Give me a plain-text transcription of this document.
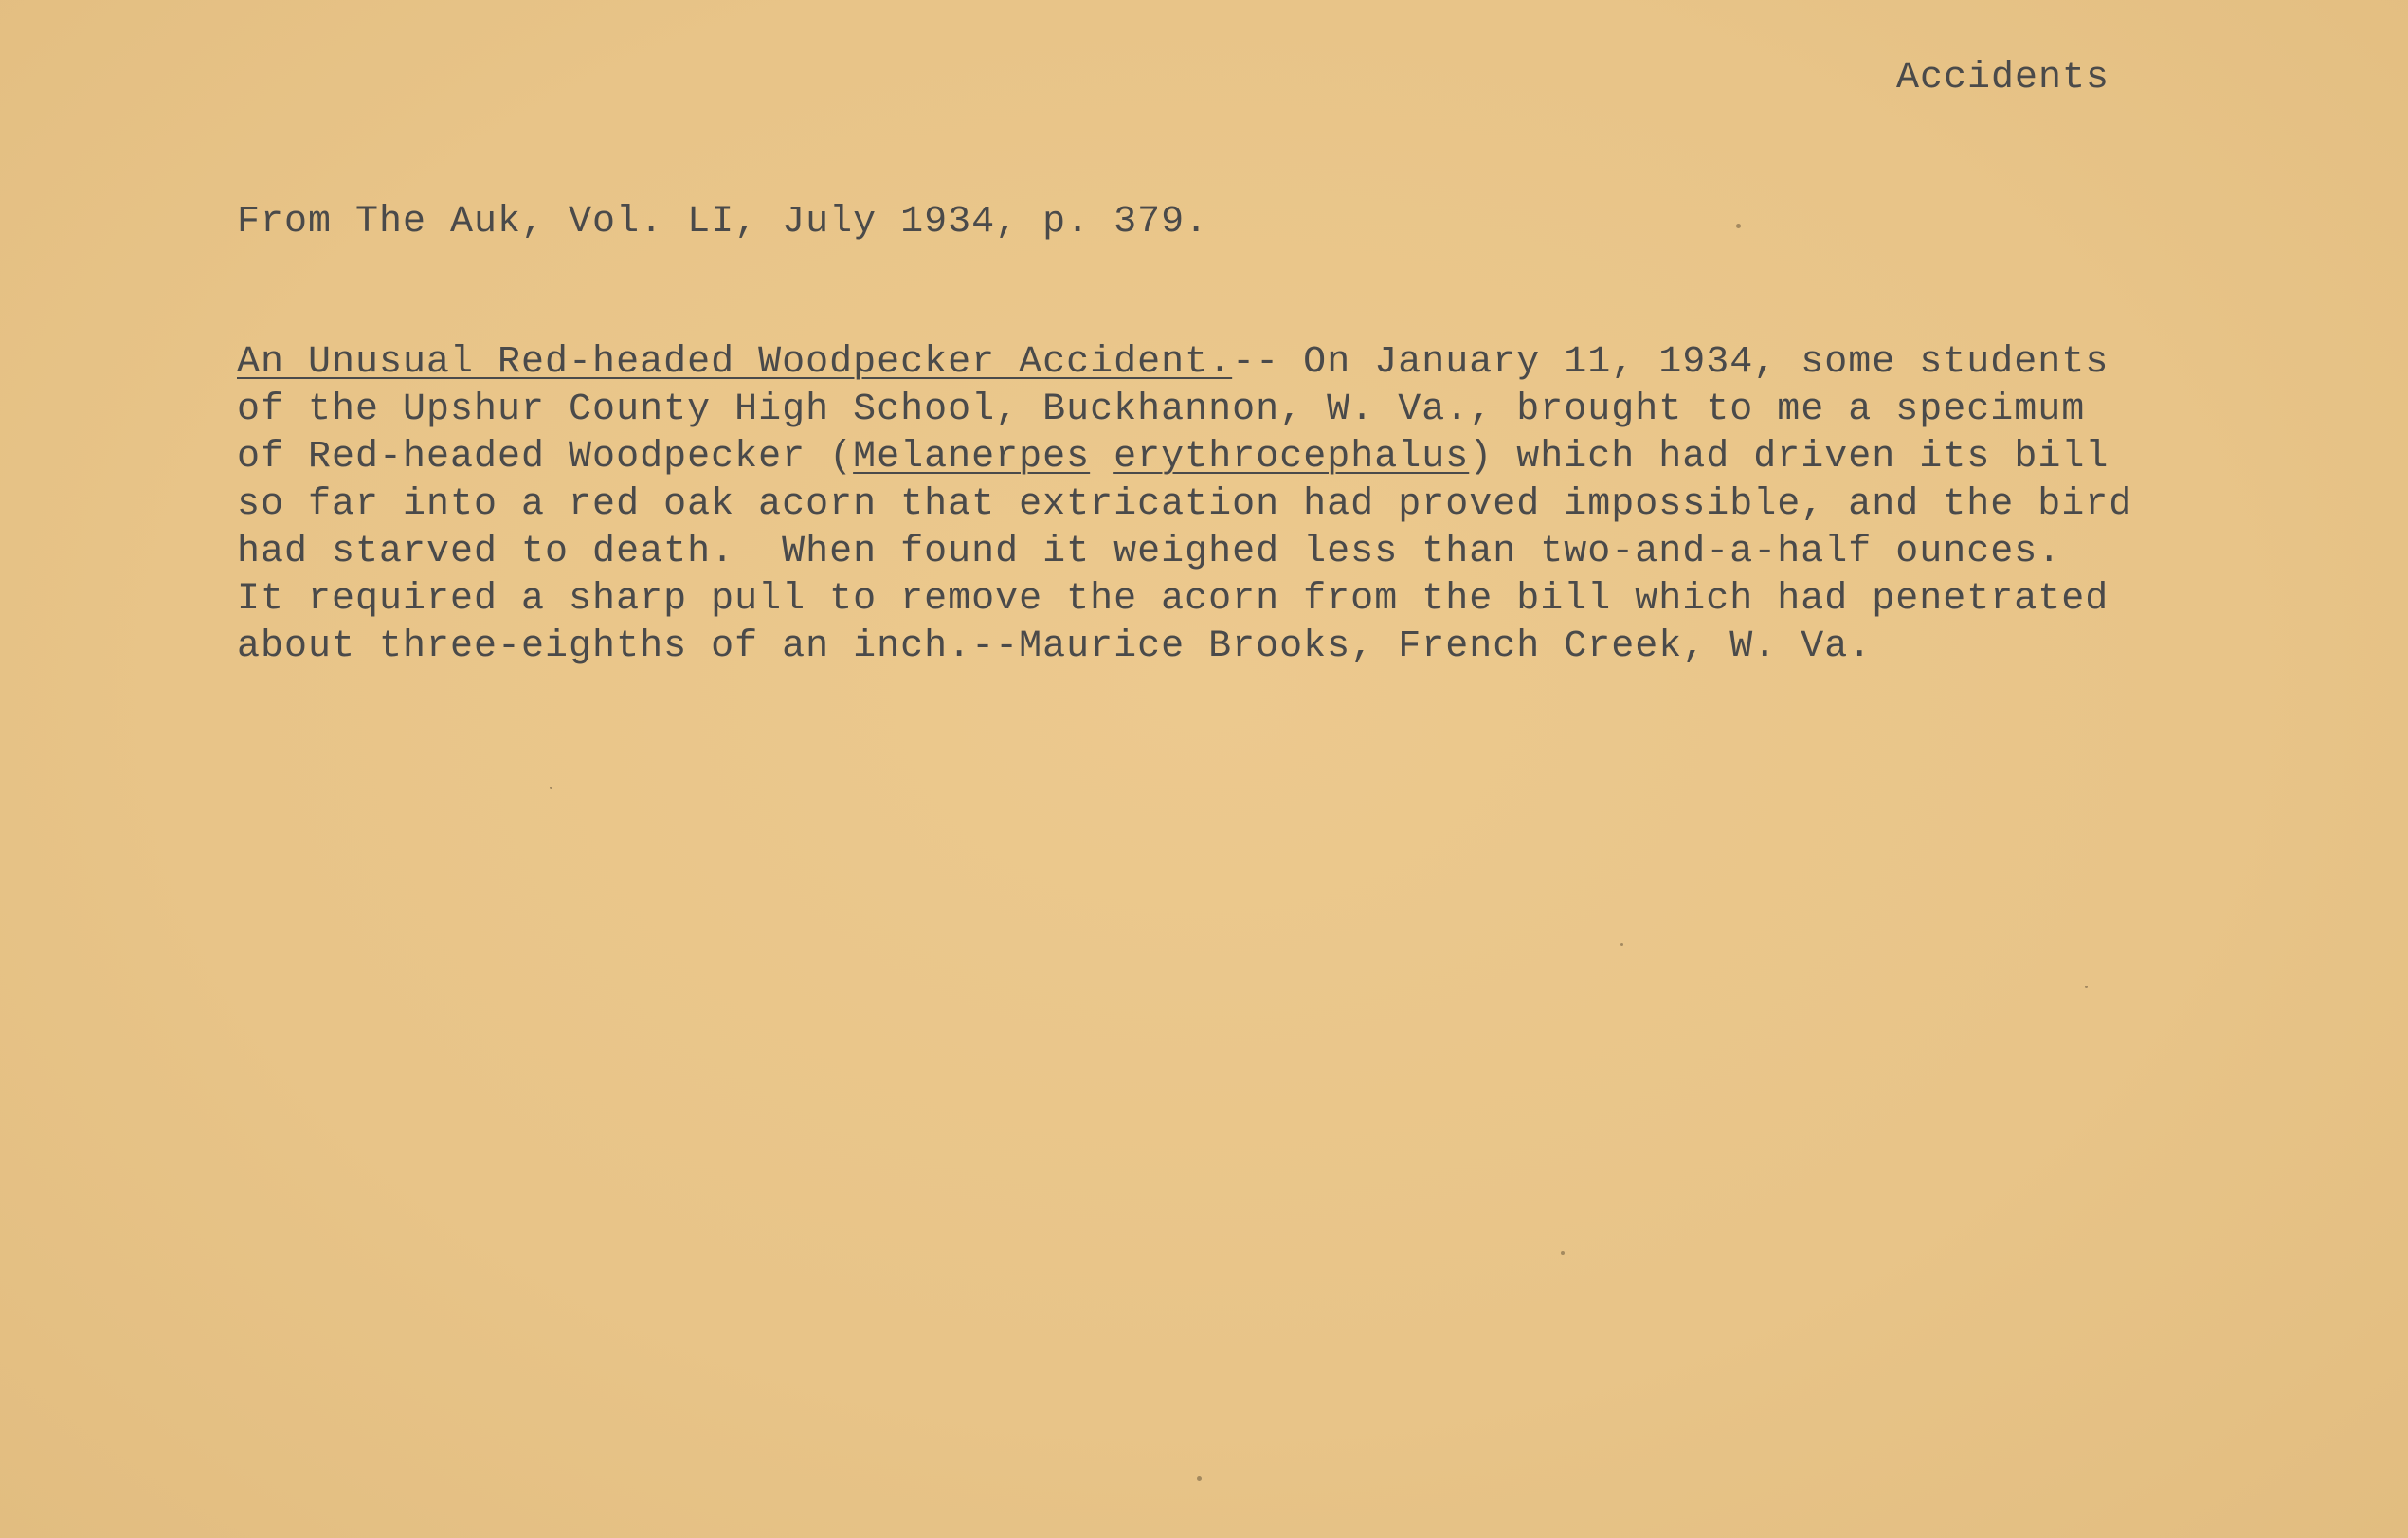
Accidents
From The Auk, Vol. LI, July 1934, p. 379.
An Unusual Red-headed Woodpecker Accident.-- On January 11, 1934, some students
of the Upshur County High School, Buckhannon, W. Va., brought to me a specimum
of Red-headed Woodpecker (Melanerpes erythrocephalus) which had driven its bill
so far into a red oak acorn that extrication had proved impossible, and the bird
had starved to death.  When found it weighed less than two-and-a-half ounces.
It required a sharp pull to remove the acorn from the bill which had penetrated
about three-eighths of an inch.--Maurice Brooks, French Creek, W. Va.
